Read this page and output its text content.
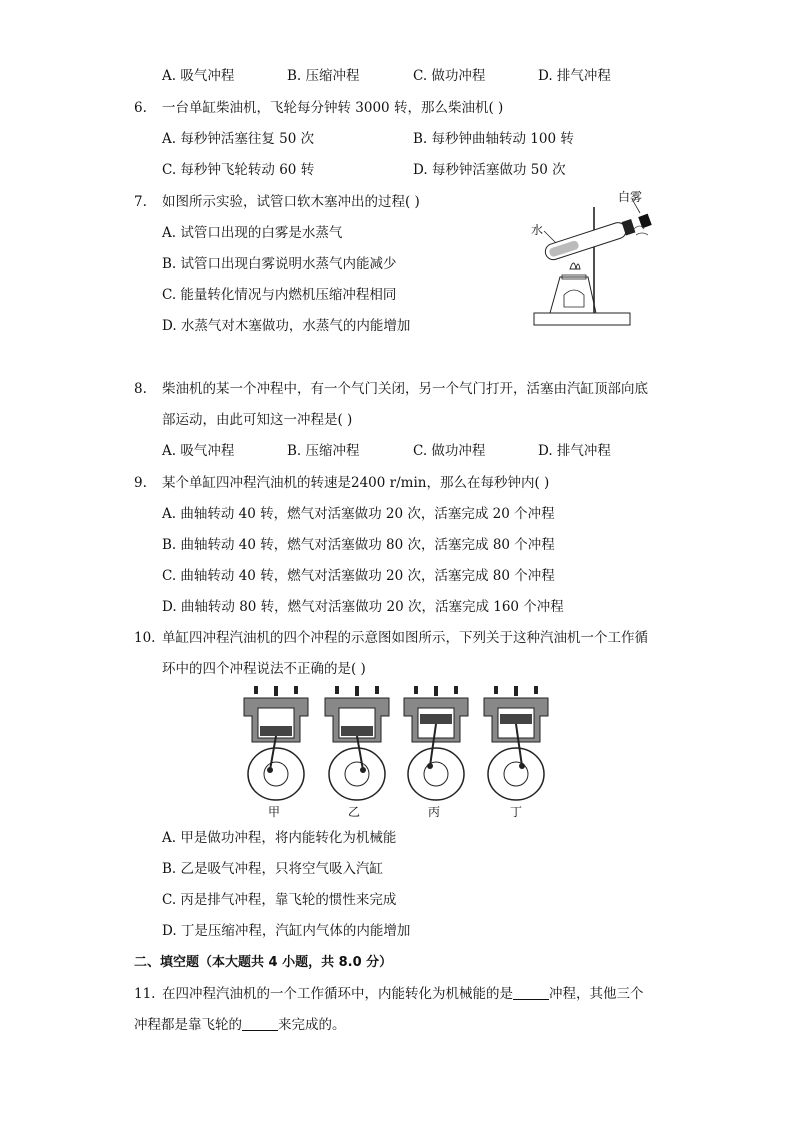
A. 吸气冲程	B. 压缩冲程	C. 做功冲程	D. 排气冲程
6. 一台单缸柴油机，飞轮每分钟转 3000 转，那么柴油机( )
A. 每秒钟活塞往复 50 次	B. 每秒钟曲轴转动 100 转
C. 每秒钟飞轮转动 60 转	D. 每秒钟活塞做功 50 次
7. 如图所示实验，试管口软木塞冲出的过程( )
A. 试管口出现的白雾是水蒸气
B. 试管口出现白雾说明水蒸气内能减少
C. 能量转化情况与内燃机压缩冲程相同
D. 水蒸气对木塞做功，水蒸气的内能增加
水
白雾
8. 柴油机的某一个冲程中，有一个气门关闭，另一个气门打开，活塞由汽缸顶部向底
部运动，由此可知这一冲程是( )
A. 吸气冲程	B. 压缩冲程	C. 做功冲程	D. 排气冲程
9. 某个单缸四冲程汽油机的转速是2400 r/min，那么在每秒钟内( )
A. 曲轴转动 40 转，燃气对活塞做功 20 次，活塞完成 20 个冲程
B. 曲轴转动 40 转，燃气对活塞做功 80 次，活塞完成 80 个冲程
C. 曲轴转动 40 转，燃气对活塞做功 20 次，活塞完成 80 个冲程
D. 曲轴转动 80 转，燃气对活塞做功 20 次，活塞完成 160 个冲程
10. 单缸四冲程汽油机的四个冲程的示意图如图所示，下列关于这种汽油机一个工作循
环中的四个冲程说法不正确的是( )
甲	乙	丙	丁
A. 甲是做功冲程，将内能转化为机械能
B. 乙是吸气冲程，只将空气吸入汽缸
C. 丙是排气冲程，靠飞轮的惯性来完成
D. 丁是压缩冲程，汽缸内气体的内能增加
二、填空题（本大题共 4 小题，共 8.0 分）
11. 在四冲程汽油机的一个工作循环中，内能转化为机械能的是	冲程，其他三个
冲程都是靠飞轮的	来完成的。
